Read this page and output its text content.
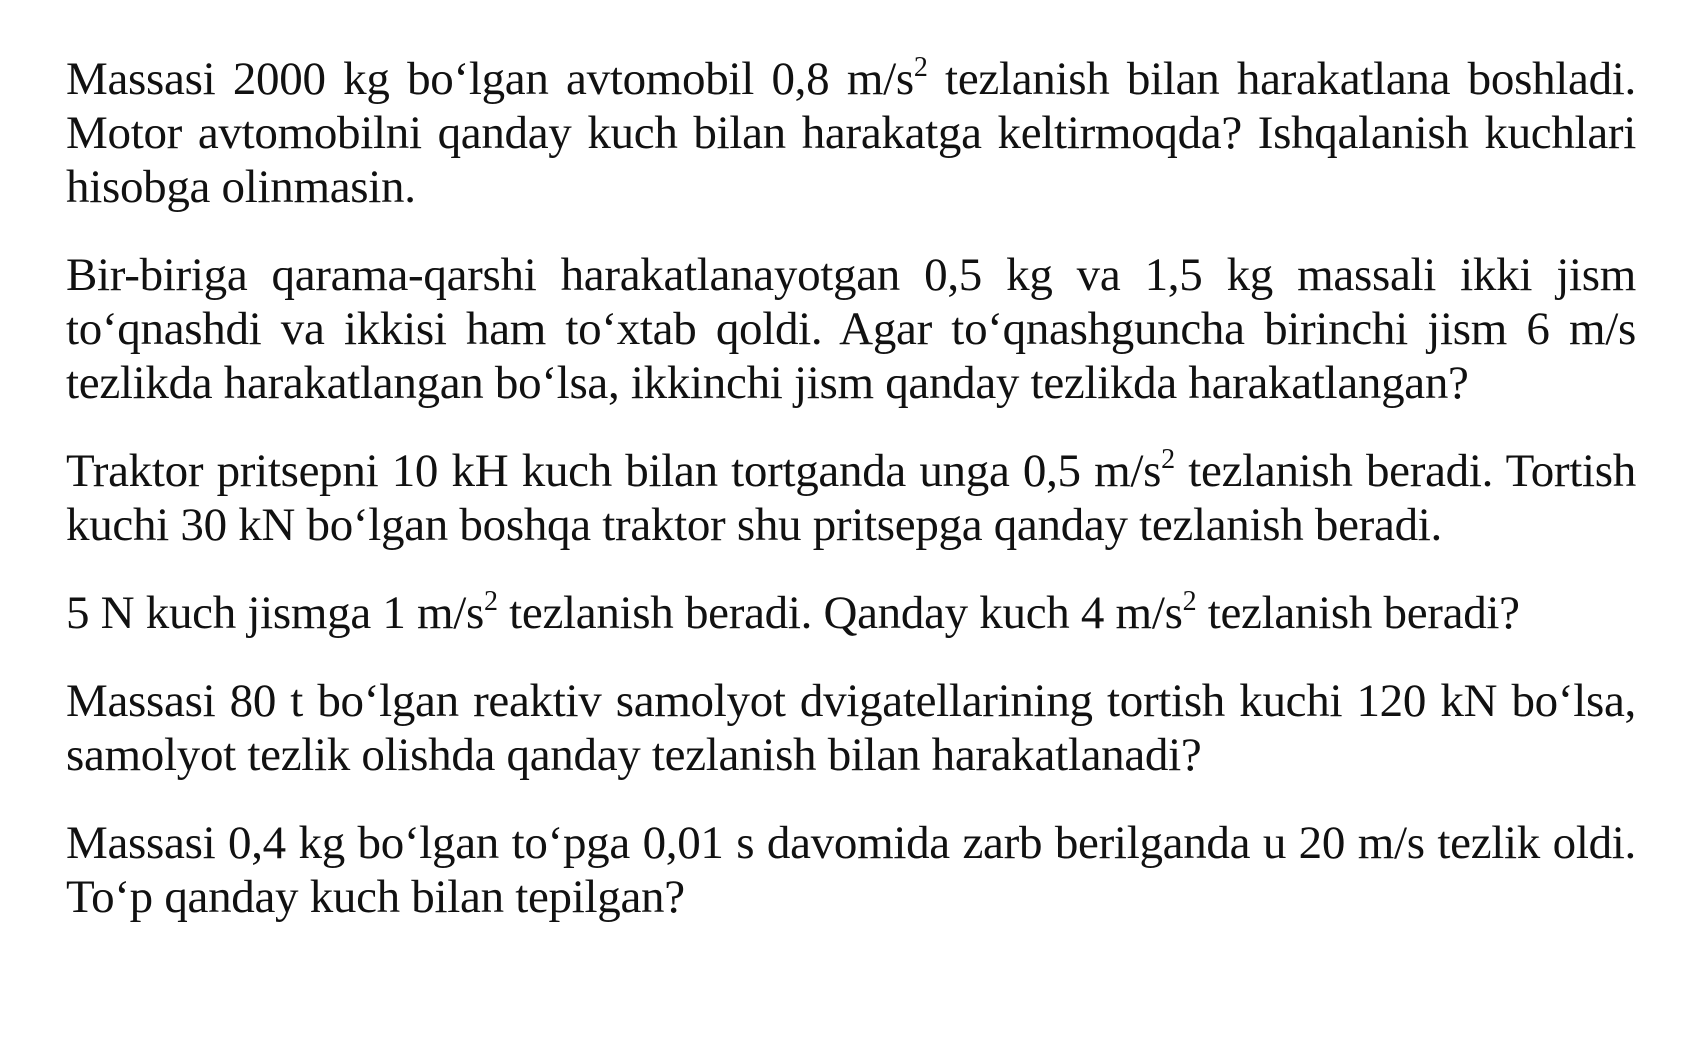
Massasi 2000 kg boʻlgan avtomobil 0,8 $m/s^2$ tezlanish bilan harakatlana boshladi. Motor avtomobilni qanday kuch bilan harakatga keltirmoqda? Ishqalanish kuchlari hisobga olinmasin.

Bir-biriga qarama-qarshi harakatlanayotgan 0,5 kg va 1,5 kg massali ikki jism toʻqnashdi va ikkisi ham toʻxtab qoldi. Agar toʻqnashguncha birinchi jism 6 m/s tezlikda harakatlangan boʻlsa, ikkinchi jism qanday tezlikda harakatlangan?

Traktor pritsepni 10 kH kuch bilan tortganda unga 0,5 $m/s^2$ tezlanish beradi. Tortish kuchi 30 kN boʻlgan boshqa traktor shu pritsepga qanday tezlanish beradi.

5 N kuch jismga 1 $m/s^2$ tezlanish beradi. Qanday kuch 4 $m/s^2$ tezlanish beradi?

Massasi 80 t boʻlgan reaktiv samolyot dvigatellarining tortish kuchi 120 kN boʻlsa, samolyot tezlik olishda qanday tezlanish bilan harakatlanadi?

Massasi 0,4 kg boʻlgan toʻpga 0,01 s davomida zarb berilganda u 20 m/s tezlik oldi. Toʻp qanday kuch bilan tepilgan?
